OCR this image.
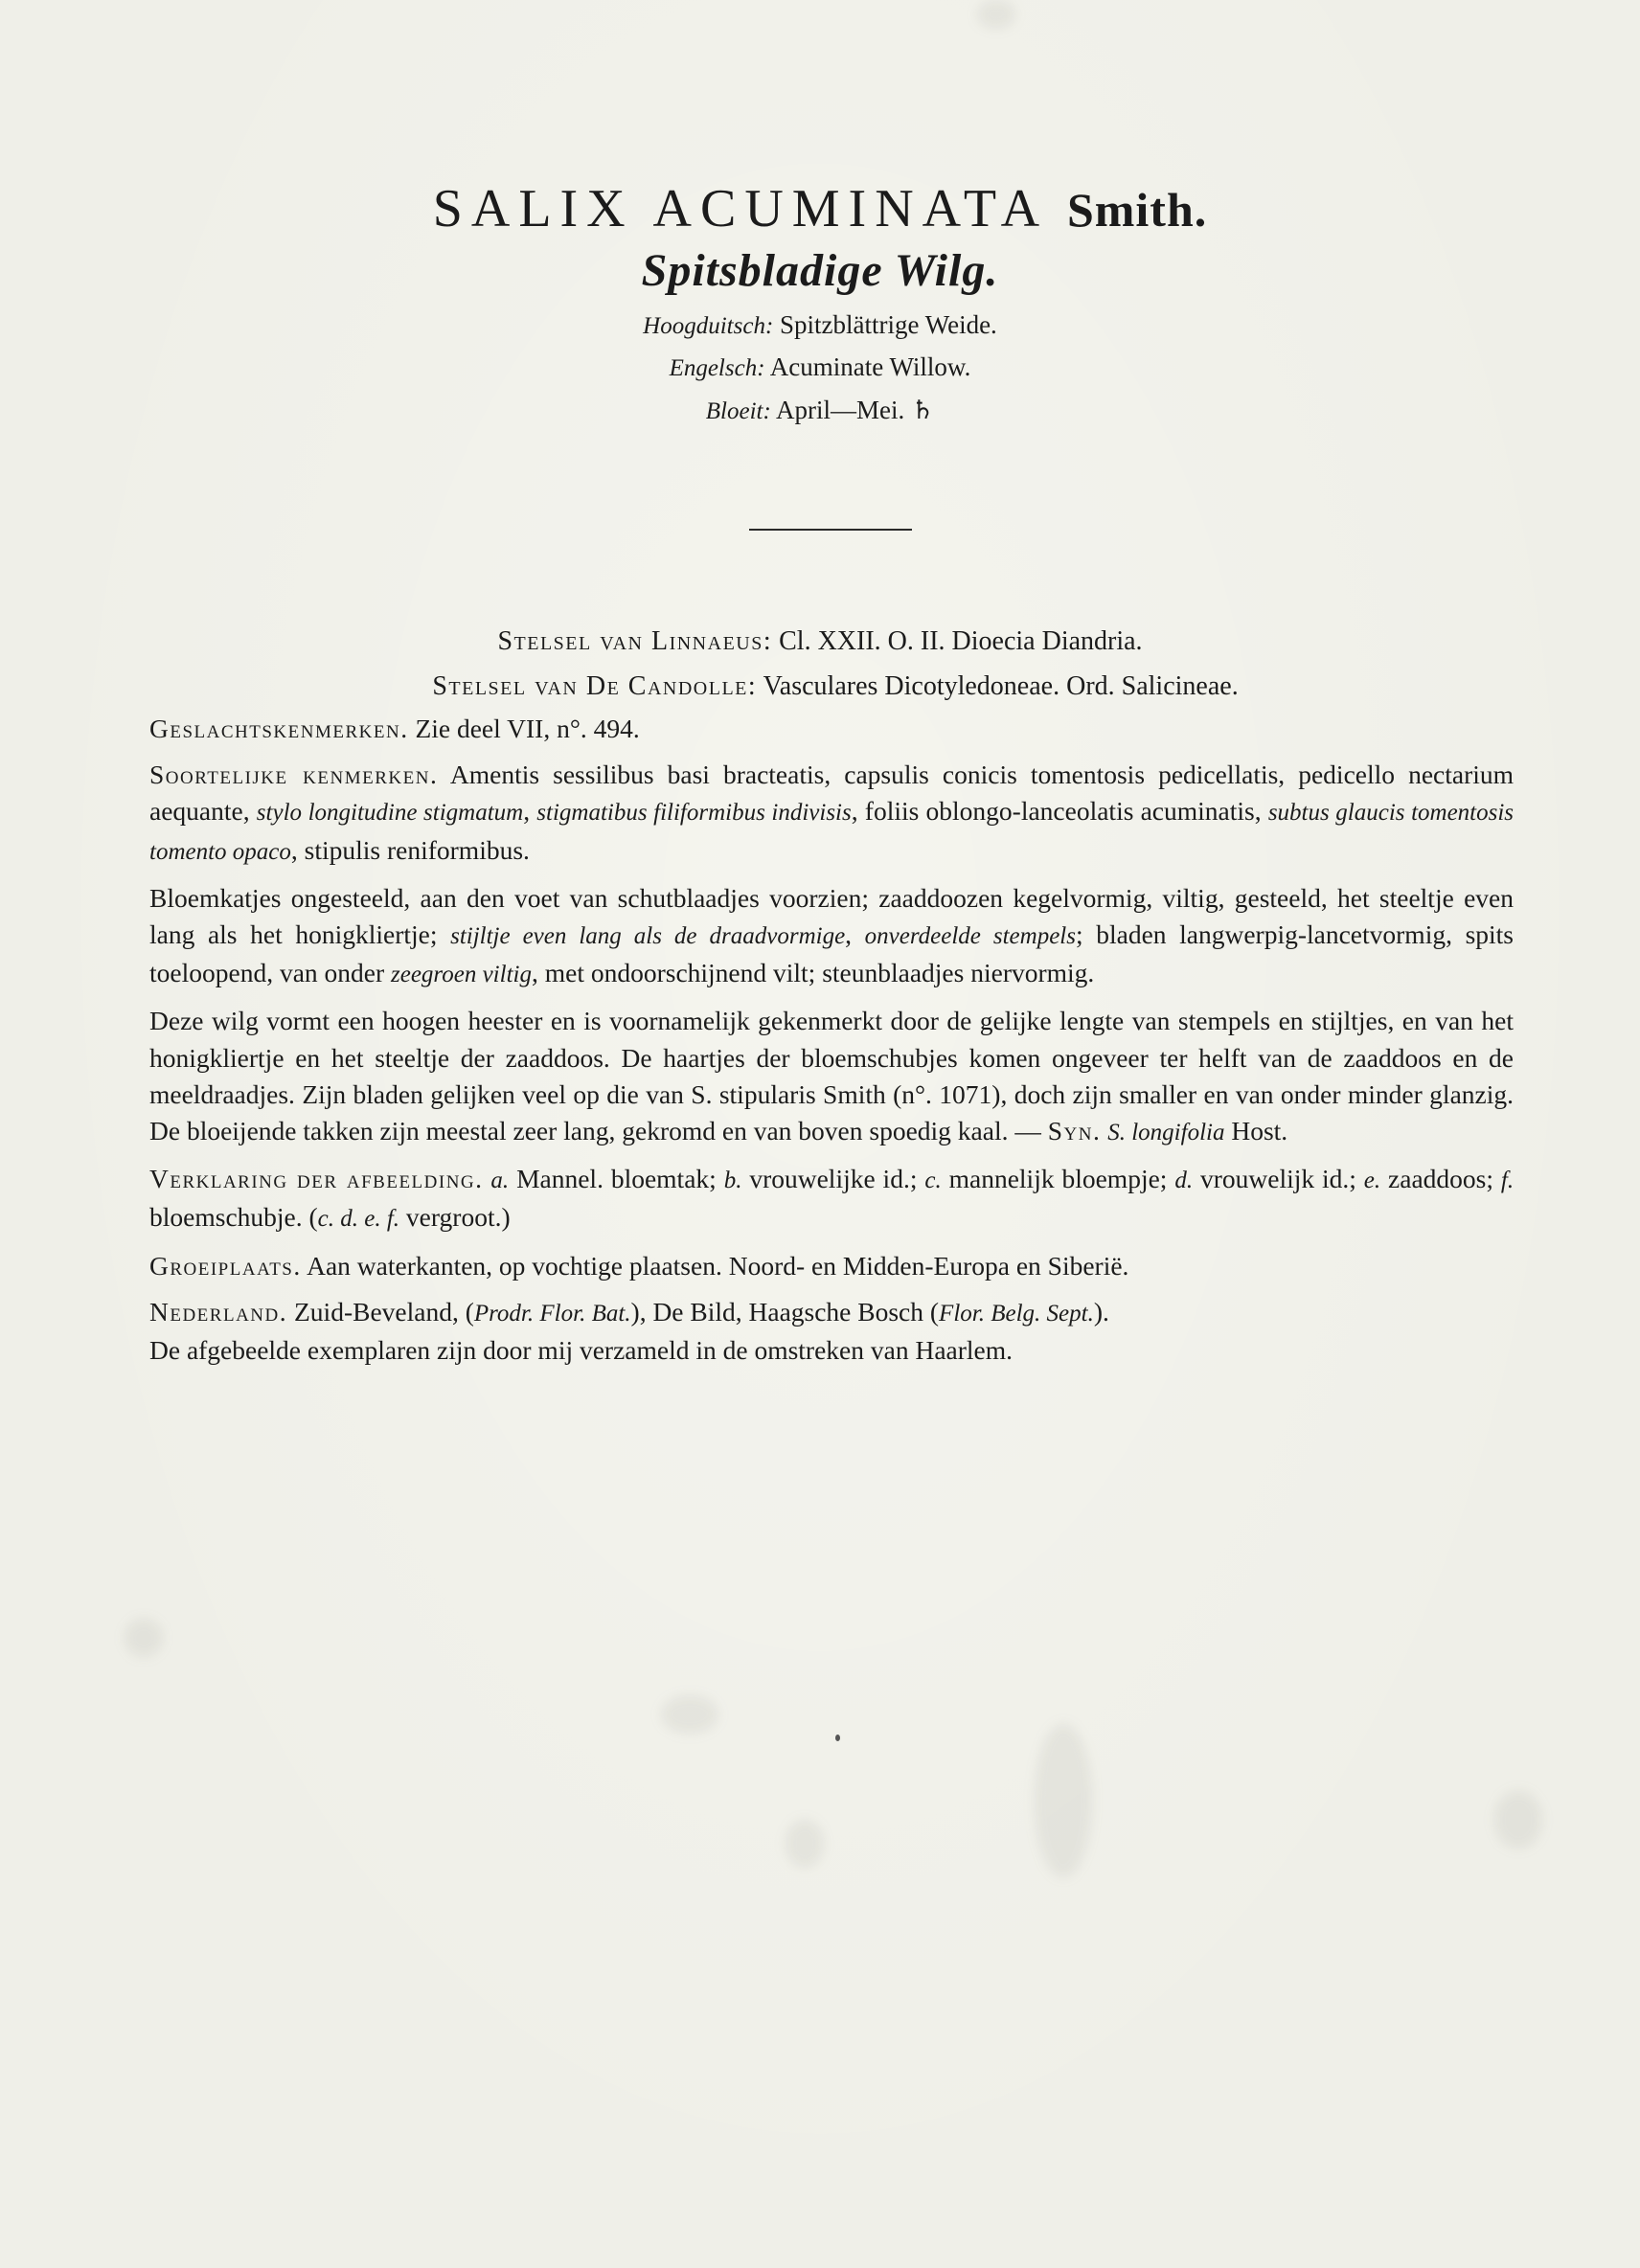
SALIX ACUMINATA Smith.
Spitsbladige Wilg.
Hoogduitsch: Spitzblättrige Weide.
Engelsch: Acuminate Willow.
Bloeit: April—Mei. ♄
Stelsel van Linnaeus: Cl. XXII. O. II. Dioecia Diandria.
Stelsel van De Candolle: Vasculares Dicotyledoneae. Ord. Salicineae.

Geslachtskenmerken. Zie deel VII, n°. 494.

Soortelijke kenmerken. Amentis sessilibus basi bracteatis, capsulis conicis tomentosis pedicellatis, pedicello nectarium aequante, stylo longitudine stigmatum, stigmatibus filiformibus indivisis, foliis oblongo-lanceolatis acuminatis, subtus glaucis tomentosis tomento opaco, stipulis reniformibus.

Bloemkatjes ongesteeld, aan den voet van schutblaadjes voorzien; zaaddoozen kegelvormig, viltig, gesteeld, het steeltje even lang als het honigkliertje; stijltje even lang als de draadvormige, onverdeelde stempels; bladen langwerpig-lancetvormig, spits toeloopend, van onder zeegroen viltig, met ondoorschijnend vilt; steunblaadjes niervormig.

Deze wilg vormt een hoogen heester en is voornamelijk gekenmerkt door de gelijke lengte van stempels en stijltjes, en van het honigkliertje en het steeltje der zaaddoos. De haartjes der bloemschubjes komen ongeveer ter helft van de zaaddoos en de meeldraadjes. Zijn bladen gelijken veel op die van S. stipularis Smith (n°. 1071), doch zijn smaller en van onder minder glanzig. De bloeijende takken zijn meestal zeer lang, gekromd en van boven spoedig kaal. — Syn. S. longifolia Host.

Verklaring der afbeelding. a. Mannel. bloemtak; b. vrouwelijke id.; c. mannelijk bloempje; d. vrouwelijk id.; e. zaaddoos; f. bloemschubje. (c. d. e. f. vergroot.)

Groeiplaats. Aan waterkanten, op vochtige plaatsen. Noord- en Midden-Europa en Siberië.

Nederland. Zuid-Beveland, (Prodr. Flor. Bat.), De Bild, Haagsche Bosch (Flor. Belg. Sept.).

De afgebeelde exemplaren zijn door mij verzameld in de omstreken van Haarlem.
